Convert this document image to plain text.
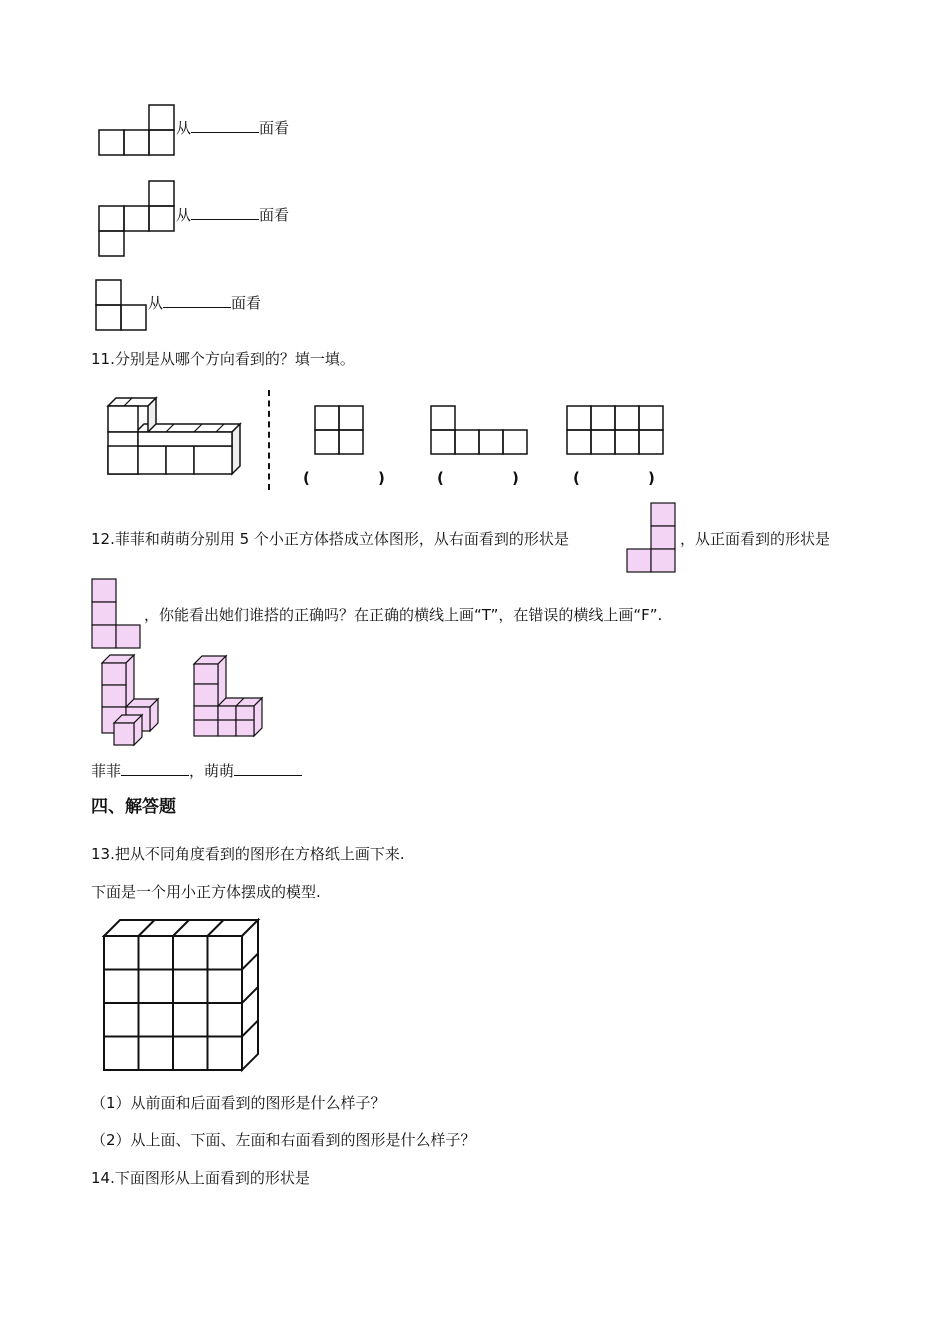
从	面看
从	面看
从	面看
11.分别是从哪个方向看到的？填一填。
(	)	(	)	(	)
12.菲菲和萌萌分别用 5 个小正方体搭成立体图形，从右面看到的形状是	，从正面看到的形状是
，你能看出她们谁搭的正确吗？在正确的横线上画“T”，在错误的横线上画“F”.
菲菲	，萌萌
四、解答题
13.把从不同角度看到的图形在方格纸上画下来.
下面是一个用小正方体摆成的模型.
（1）从前面和后面看到的图形是什么样子？
（2）从上面、下面、左面和右面看到的图形是什么样子？
14.下面图形从上面看到的形状是
